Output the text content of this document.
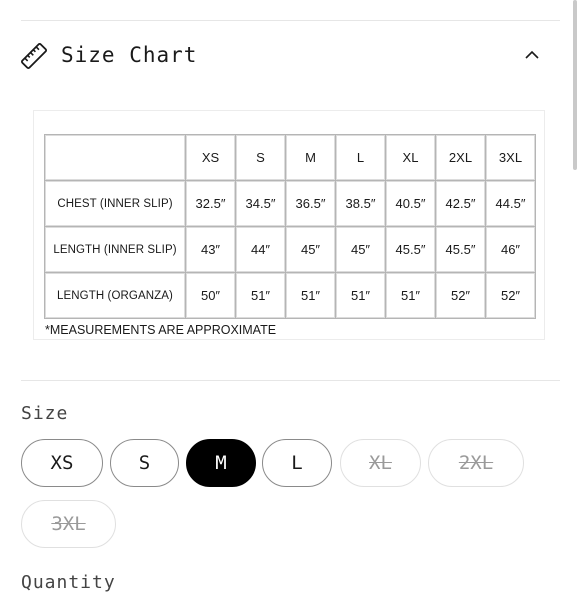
Size Chart
	XS	S	M	L	XL	2XL	3XL
CHEST (INNER SLIP)	32.5″	34.5″	36.5″	38.5″	40.5″	42.5″	44.5″
LENGTH (INNER SLIP)	43″	44″	45″	45″	45.5″	45.5″	46″
LENGTH (ORGANZA)	50″	51″	51″	51″	51″	52″	52″
*MEASUREMENTS ARE APPROXIMATE
Size
XS	S	M	L	XL	2XL
3XL
Quantity
